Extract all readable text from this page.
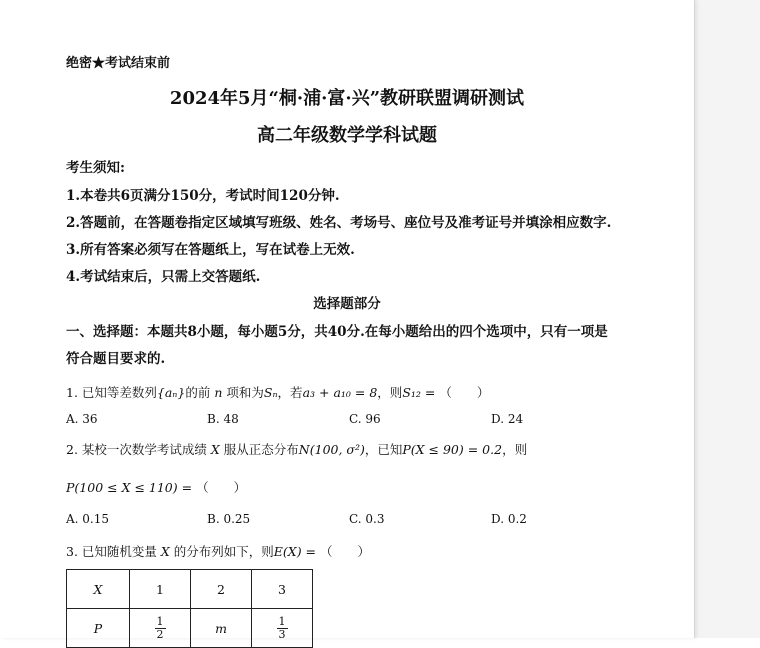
绝密★考试结束前
2024年5月“桐·浦·富·兴”教研联盟调研测试
高二年级数学学科试题
考生须知:
1.本卷共6页满分150分，考试时间120分钟.
2.答题前，在答题卷指定区域填写班级、姓名、考场号、座位号及准考证号并填涂相应数字.
3.所有答案必须写在答题纸上，写在试卷上无效.
4.考试结束后，只需上交答题纸.
选择题部分
一、选择题：本题共8小题，每小题5分，共40分.在每小题给出的四个选项中，只有一项是
符合题目要求的.
1. 已知等差数列{aₙ}的前 n 项和为Sₙ，若a₃ + a₁₀ = 8，则S₁₂ = （　　）
A. 36	B. 48	C. 96	D. 24
2. 某校一次数学考试成绩 X 服从正态分布N(100, σ²)，已知P(X ≤ 90) = 0.2，则
P(100 ≤ X ≤ 110) = （　　）
A. 0.15	B. 0.25	C. 0.3	D. 0.2
3. 已知随机变量 X 的分布列如下，则E(X) = （　　）
X	1	2	3
P	$\frac{1}{2}$	m	$\frac{1}{3}$
